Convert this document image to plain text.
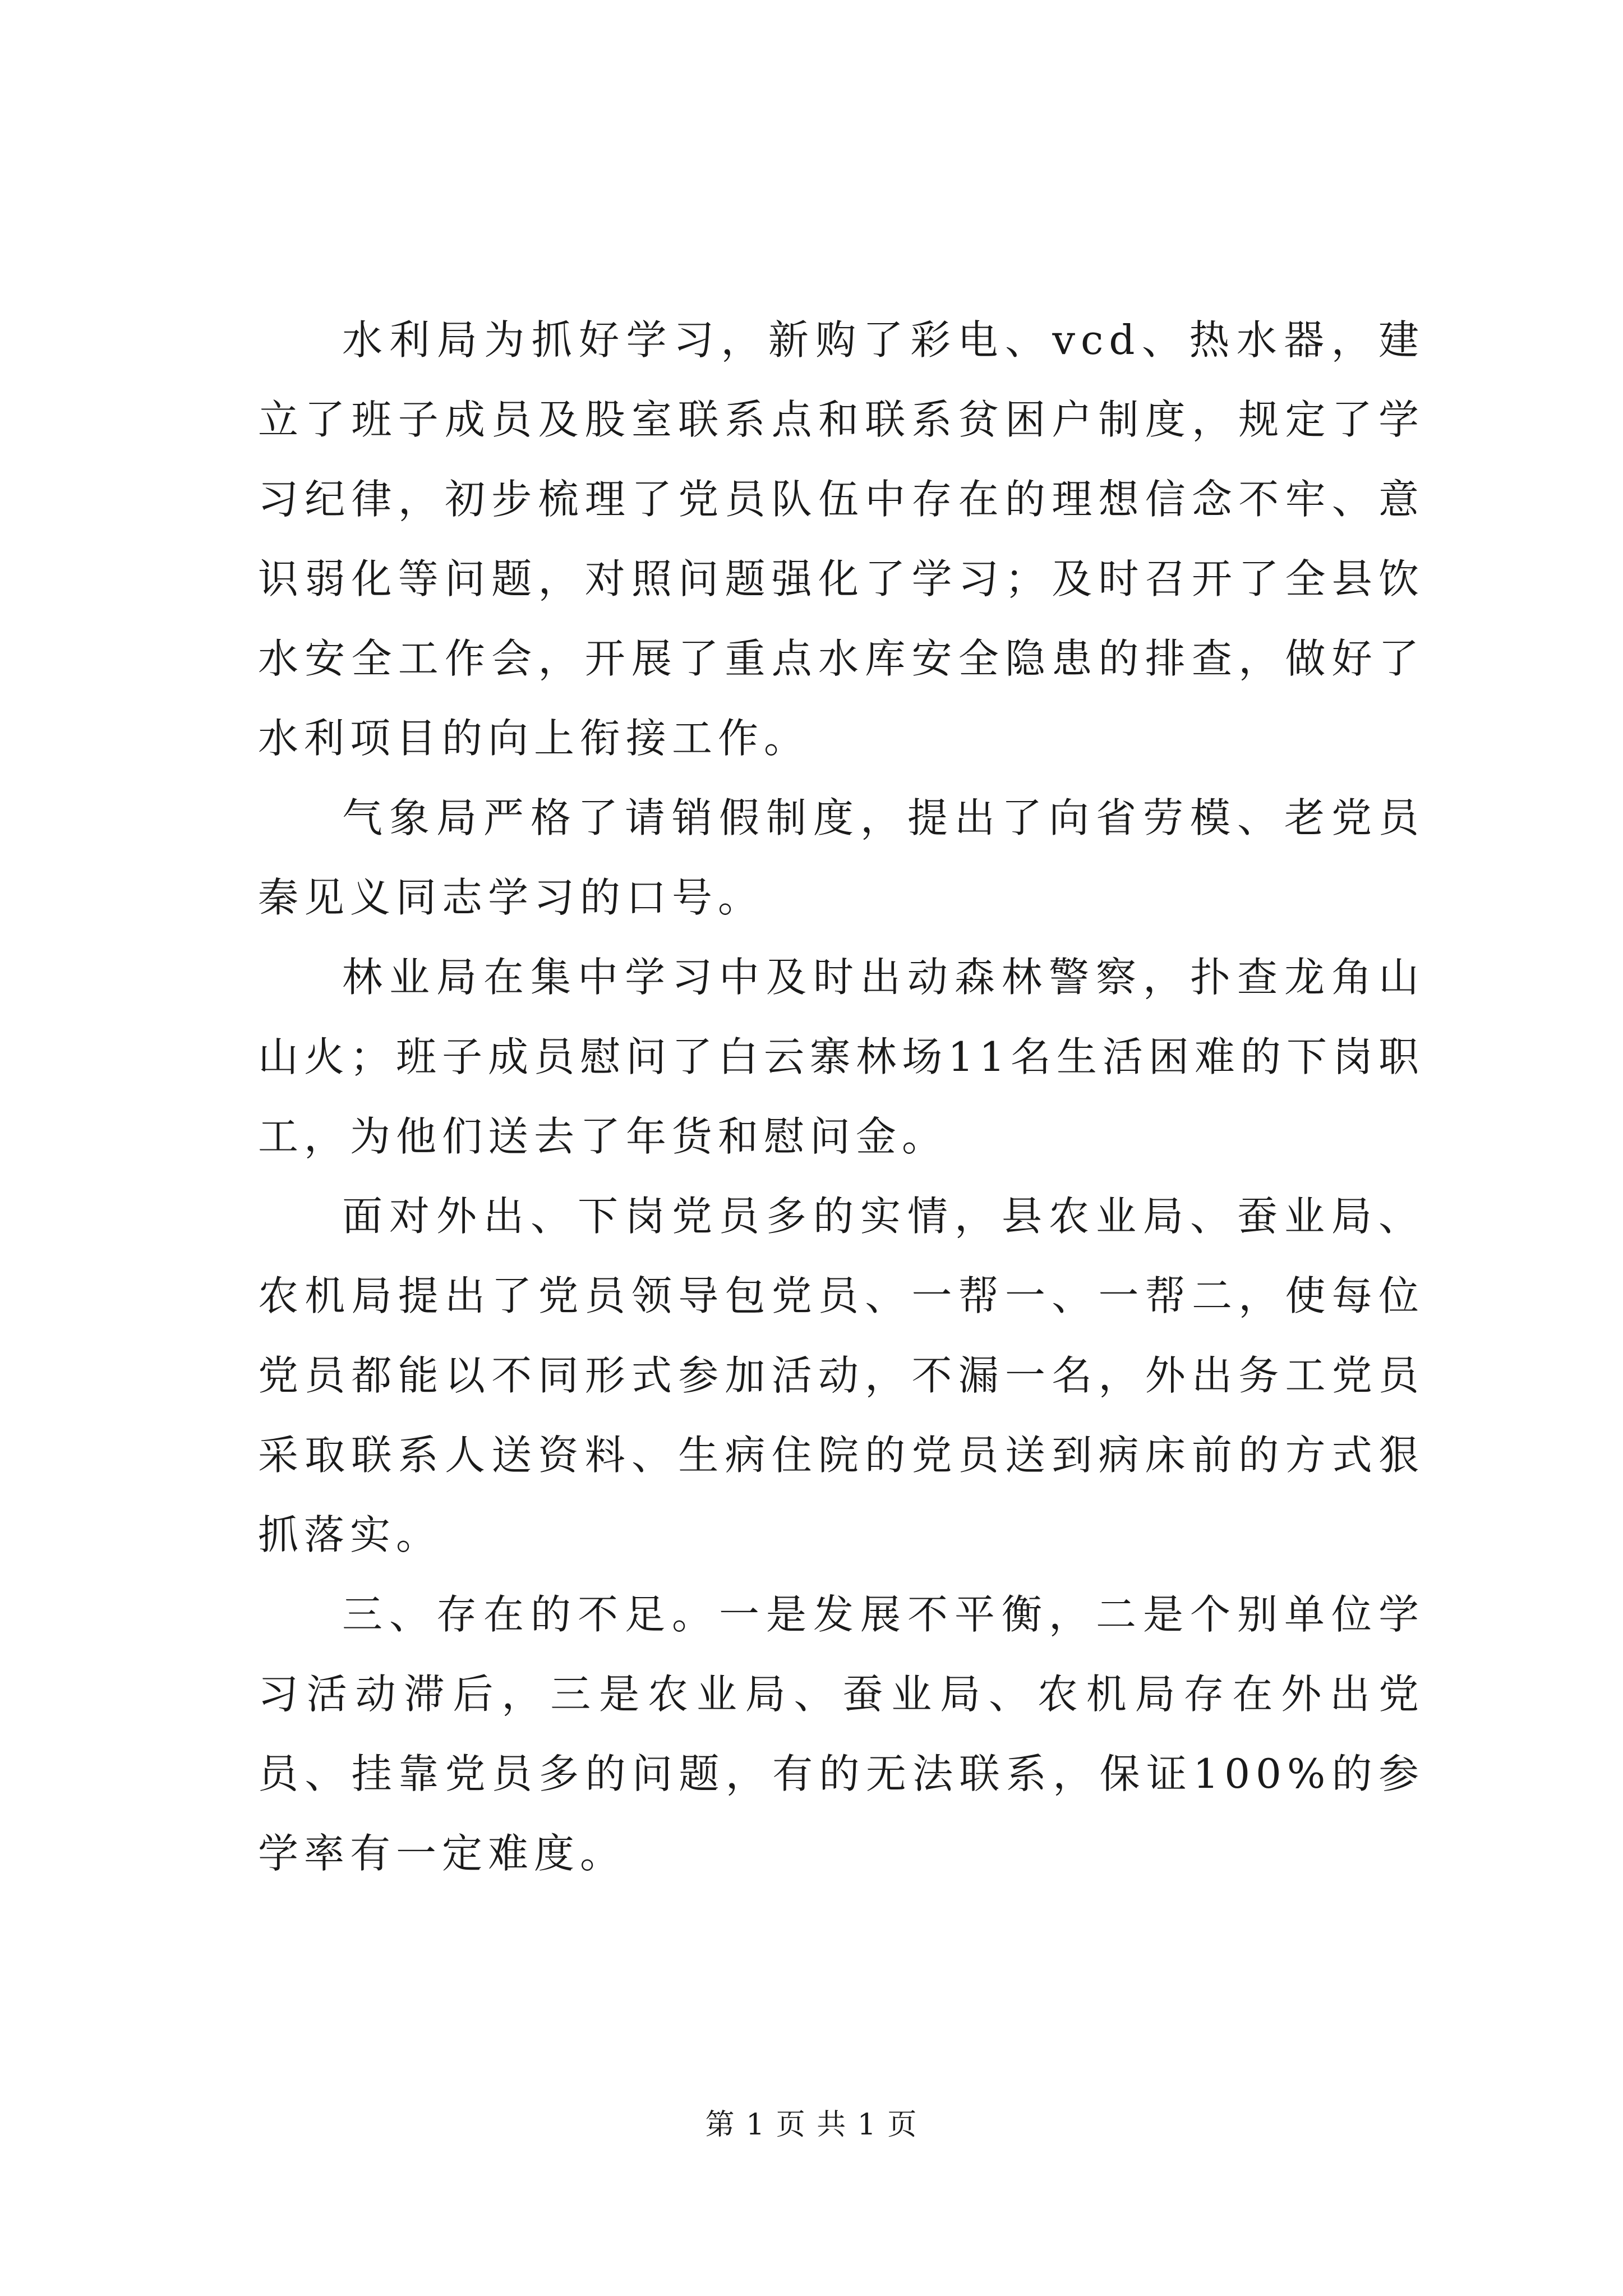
水利局为抓好学习，新购了彩电、vcd、热水器，建立了班子成员及股室联系点和联系贫困户制度，规定了学习纪律，初步梳理了党员队伍中存在的理想信念不牢、意识弱化等问题，对照问题强化了学习；及时召开了全县饮水安全工作会，开展了重点水库安全隐患的排查，做好了水利项目的向上衔接工作。

气象局严格了请销假制度，提出了向省劳模、老党员秦见义同志学习的口号。

林业局在集中学习中及时出动森林警察，扑查龙角山山火；班子成员慰问了白云寨林场11名生活困难的下岗职工，为他们送去了年货和慰问金。

面对外出、下岗党员多的实情，县农业局、蚕业局、农机局提出了党员领导包党员、一帮一、一帮二，使每位党员都能以不同形式参加活动，不漏一名，外出务工党员采取联系人送资料、生病住院的党员送到病床前的方式狠抓落实。

三、存在的不足。一是发展不平衡，二是个别单位学习活动滞后，三是农业局、蚕业局、农机局存在外出党员、挂靠党员多的问题，有的无法联系，保证100%的参学率有一定难度。

第 1 页 共 1 页
